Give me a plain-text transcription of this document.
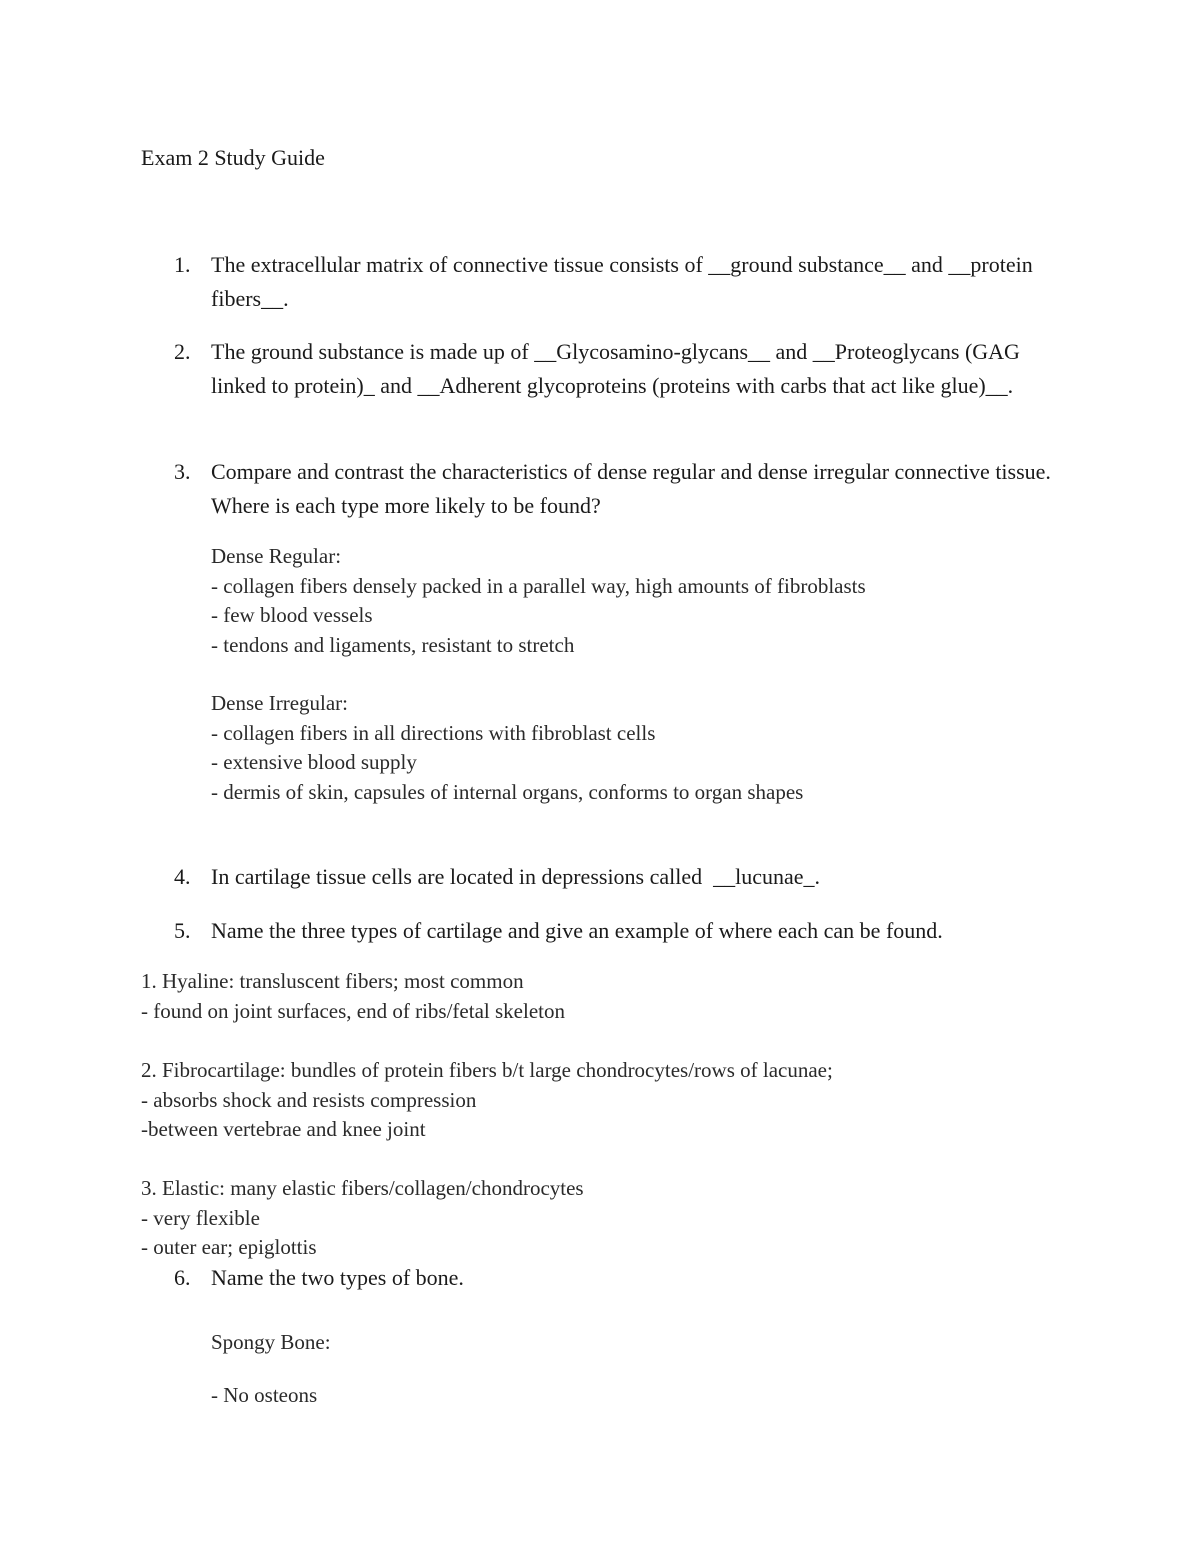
Exam 2 Study Guide
1. The extracellular matrix of connective tissue consists of __ground substance__ and __protein fibers__.
2. The ground substance is made up of __Glycosamino-glycans__ and __Proteoglycans (GAG linked to protein)_ and __Adherent glycoproteins (proteins with carbs that act like glue)__.
3. Compare and contrast the characteristics of dense regular and dense irregular connective tissue. Where is each type more likely to be found?
Dense Regular:
- collagen fibers densely packed in a parallel way, high amounts of fibroblasts
- few blood vessels
- tendons and ligaments, resistant to stretch
Dense Irregular:
- collagen fibers in all directions with fibroblast cells
- extensive blood supply
- dermis of skin, capsules of internal organs, conforms to organ shapes
4. In cartilage tissue cells are located in depressions called  __lucunae_.
5. Name the three types of cartilage and give an example of where each can be found.
1. Hyaline: transluscent fibers; most common
- found on joint surfaces, end of ribs/fetal skeleton
2. Fibrocartilage: bundles of protein fibers b/t large chondrocytes/rows of lacunae;
- absorbs shock and resists compression
-between vertebrae and knee joint
3. Elastic: many elastic fibers/collagen/chondrocytes
- very flexible
- outer ear; epiglottis
6. Name the two types of bone.
Spongy Bone:
- No osteons
